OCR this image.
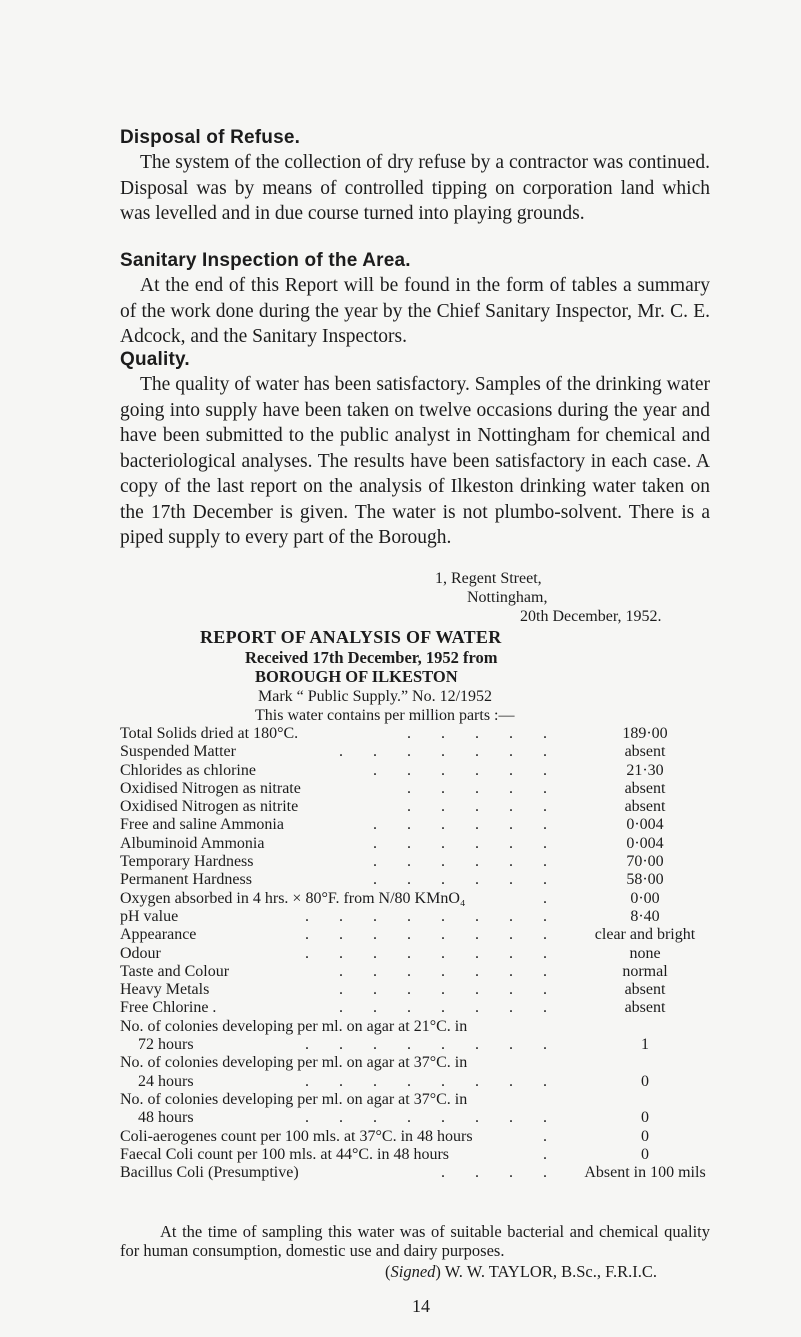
Disposal of Refuse.

The system of the collection of dry refuse by a contractor was continued. Disposal was by means of controlled tipping on corporation land which was levelled and in due course turned into playing grounds.

Sanitary Inspection of the Area.

At the end of this Report will be found in the form of tables a summary of the work done during the year by the Chief Sanitary Inspector, Mr. C. E. Adcock, and the Sanitary Inspectors.

Quality.

The quality of water has been satisfactory. Samples of the drinking water going into supply have been taken on twelve occasions during the year and have been submitted to the public analyst in Nottingham for chemical and bacteriological analyses. The results have been satisfactory in each case. A copy of the last report on the analysis of Ilkeston drinking water taken on the 17th December is given. The water is not plumbo-solvent. There is a piped supply to every part of the Borough.

1, Regent Street,
Nottingham,
20th December, 1952.
REPORT OF ANALYSIS OF WATER
Received 17th December, 1952 from
BOROUGH OF ILKESTON
Mark “ Public Supply.” No. 12/1952
This water contains per million parts :—
Total Solids dried at 180°C.	. . . . .	189·00
Suspended Matter	. . . . . . .	absent
Chlorides as chlorine	. . . . . .	21·30
Oxidised Nitrogen as nitrate	. . . . .	absent
Oxidised Nitrogen as nitrite	. . . . .	absent
Free and saline Ammonia	. . . . . .	0·004
Albuminoid Ammonia	. . . . . .	0·004
Temporary Hardness	. . . . . .	70·00
Permanent Hardness	. . . . . .	58·00
Oxygen absorbed in 4 hrs. × 80°F. from N/80 KMnO₄	.	0·00
pH value	. . . . . . . .	8·40
Appearance	. . . . . . . .	clear and bright
Odour	. . . . . . . .	none
Taste and Colour	. . . . . . .	normal
Heavy Metals	. . . . . . .	absent
Free Chlorine .	. . . . . . .	absent
No. of colonies developing per ml. on agar at 21°C. in
72 hours	. . . . . . . .	1
No. of colonies developing per ml. on agar at 37°C. in
24 hours	. . . . . . . .	0
No. of colonies developing per ml. on agar at 37°C. in
48 hours	. . . . . . . .	0
Coli-aerogenes count per 100 mls. at 37°C. in 48 hours	.	0
Faecal Coli count per 100 mls. at 44°C. in 48 hours	.	0
Bacillus Coli (Presumptive)	. . . .	Absent in 100 mils

At the time of sampling this water was of suitable bacterial and chemical quality for human consumption, domestic use and dairy purposes.

(Signed) W. W. TAYLOR, B.Sc., F.R.I.C.
14
